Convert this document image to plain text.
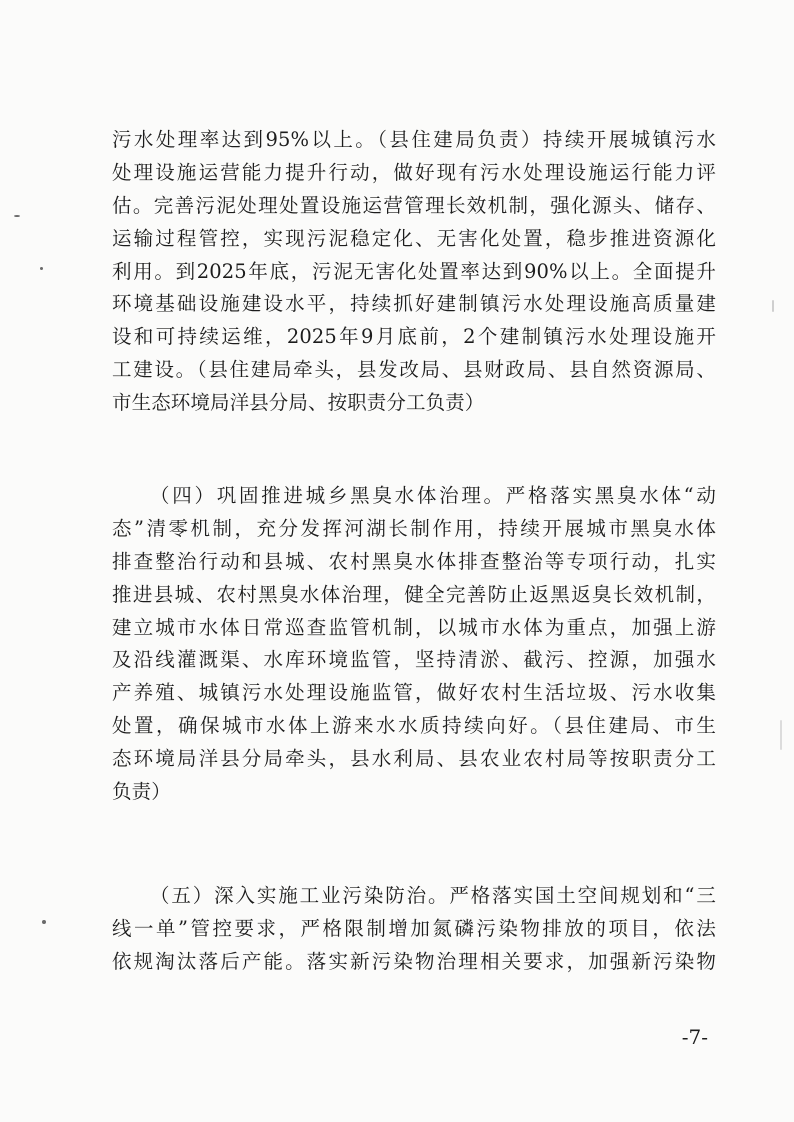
污水处理率达到95%以上。（县住建局负责）持续开展城镇污水
处理设施运营能力提升行动，做好现有污水处理设施运行能力评
估。完善污泥处理处置设施运营管理长效机制，强化源头、储存、
运输过程管控，实现污泥稳定化、无害化处置，稳步推进资源化
利用。到2025年底，污泥无害化处置率达到90%以上。全面提升
环境基础设施建设水平，持续抓好建制镇污水处理设施高质量建
设和可持续运维，2025年9月底前，2个建制镇污水处理设施开
工建设。（县住建局牵头，县发改局、县财政局、县自然资源局、
市生态环境局洋县分局、按职责分工负责）
（四）巩固推进城乡黑臭水体治理。严格落实黑臭水体“动
态”清零机制，充分发挥河湖长制作用，持续开展城市黑臭水体
排查整治行动和县城、农村黑臭水体排查整治等专项行动，扎实
推进县城、农村黑臭水体治理，健全完善防止返黑返臭长效机制，
建立城市水体日常巡查监管机制，以城市水体为重点，加强上游
及沿线灌溉渠、水库环境监管，坚持清淤、截污、控源，加强水
产养殖、城镇污水处理设施监管，做好农村生活垃圾、污水收集
处置，确保城市水体上游来水水质持续向好。（县住建局、市生
态环境局洋县分局牵头，县水利局、县农业农村局等按职责分工
负责）
（五）深入实施工业污染防治。严格落实国土空间规划和“三
线一单”管控要求，严格限制增加氮磷污染物排放的项目，依法
依规淘汰落后产能。落实新污染物治理相关要求，加强新污染物
-7-
